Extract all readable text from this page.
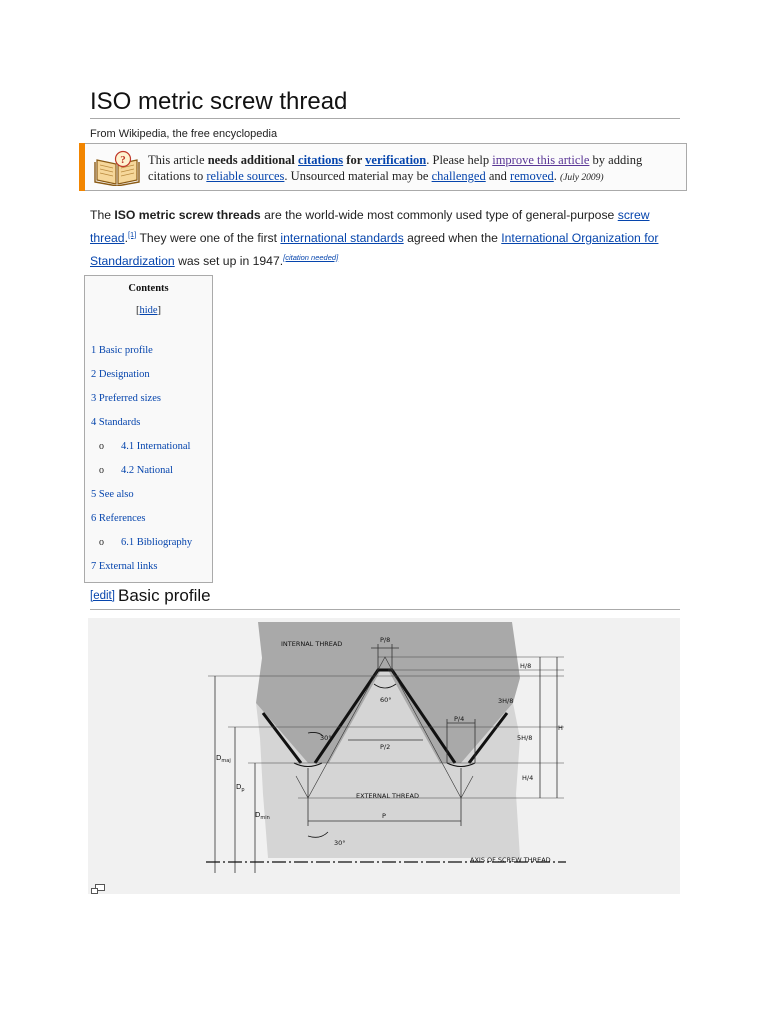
ISO metric screw thread
From Wikipedia, the free encyclopedia
? This article needs additional citations for verification. Please help improve this article by adding citations to reliable sources. Unsourced material may be challenged and removed. (July 2009)
The ISO metric screw threads are the world-wide most commonly used type of general-purpose screw thread.[1] They were one of the first international standards agreed when the International Organization for Standardization was set up in 1947.[citation needed]
Contents
[hide]
1 Basic profile
2 Designation
3 Preferred sizes
4 Standards
o 4.1 International
o 4.2 National
5 See also
6 References
o 6.1 Bibliography
7 External links
[edit] Basic profile
INTERNAL THREAD
EXTERNAL THREAD
AXIS OF SCREW THREAD
P/8
P/4
P/2
P
H/8
3H/8
5H/8
H/4
H
60°
30°
30°
$D_{maj}$
$D_p$
$D_{min}$
